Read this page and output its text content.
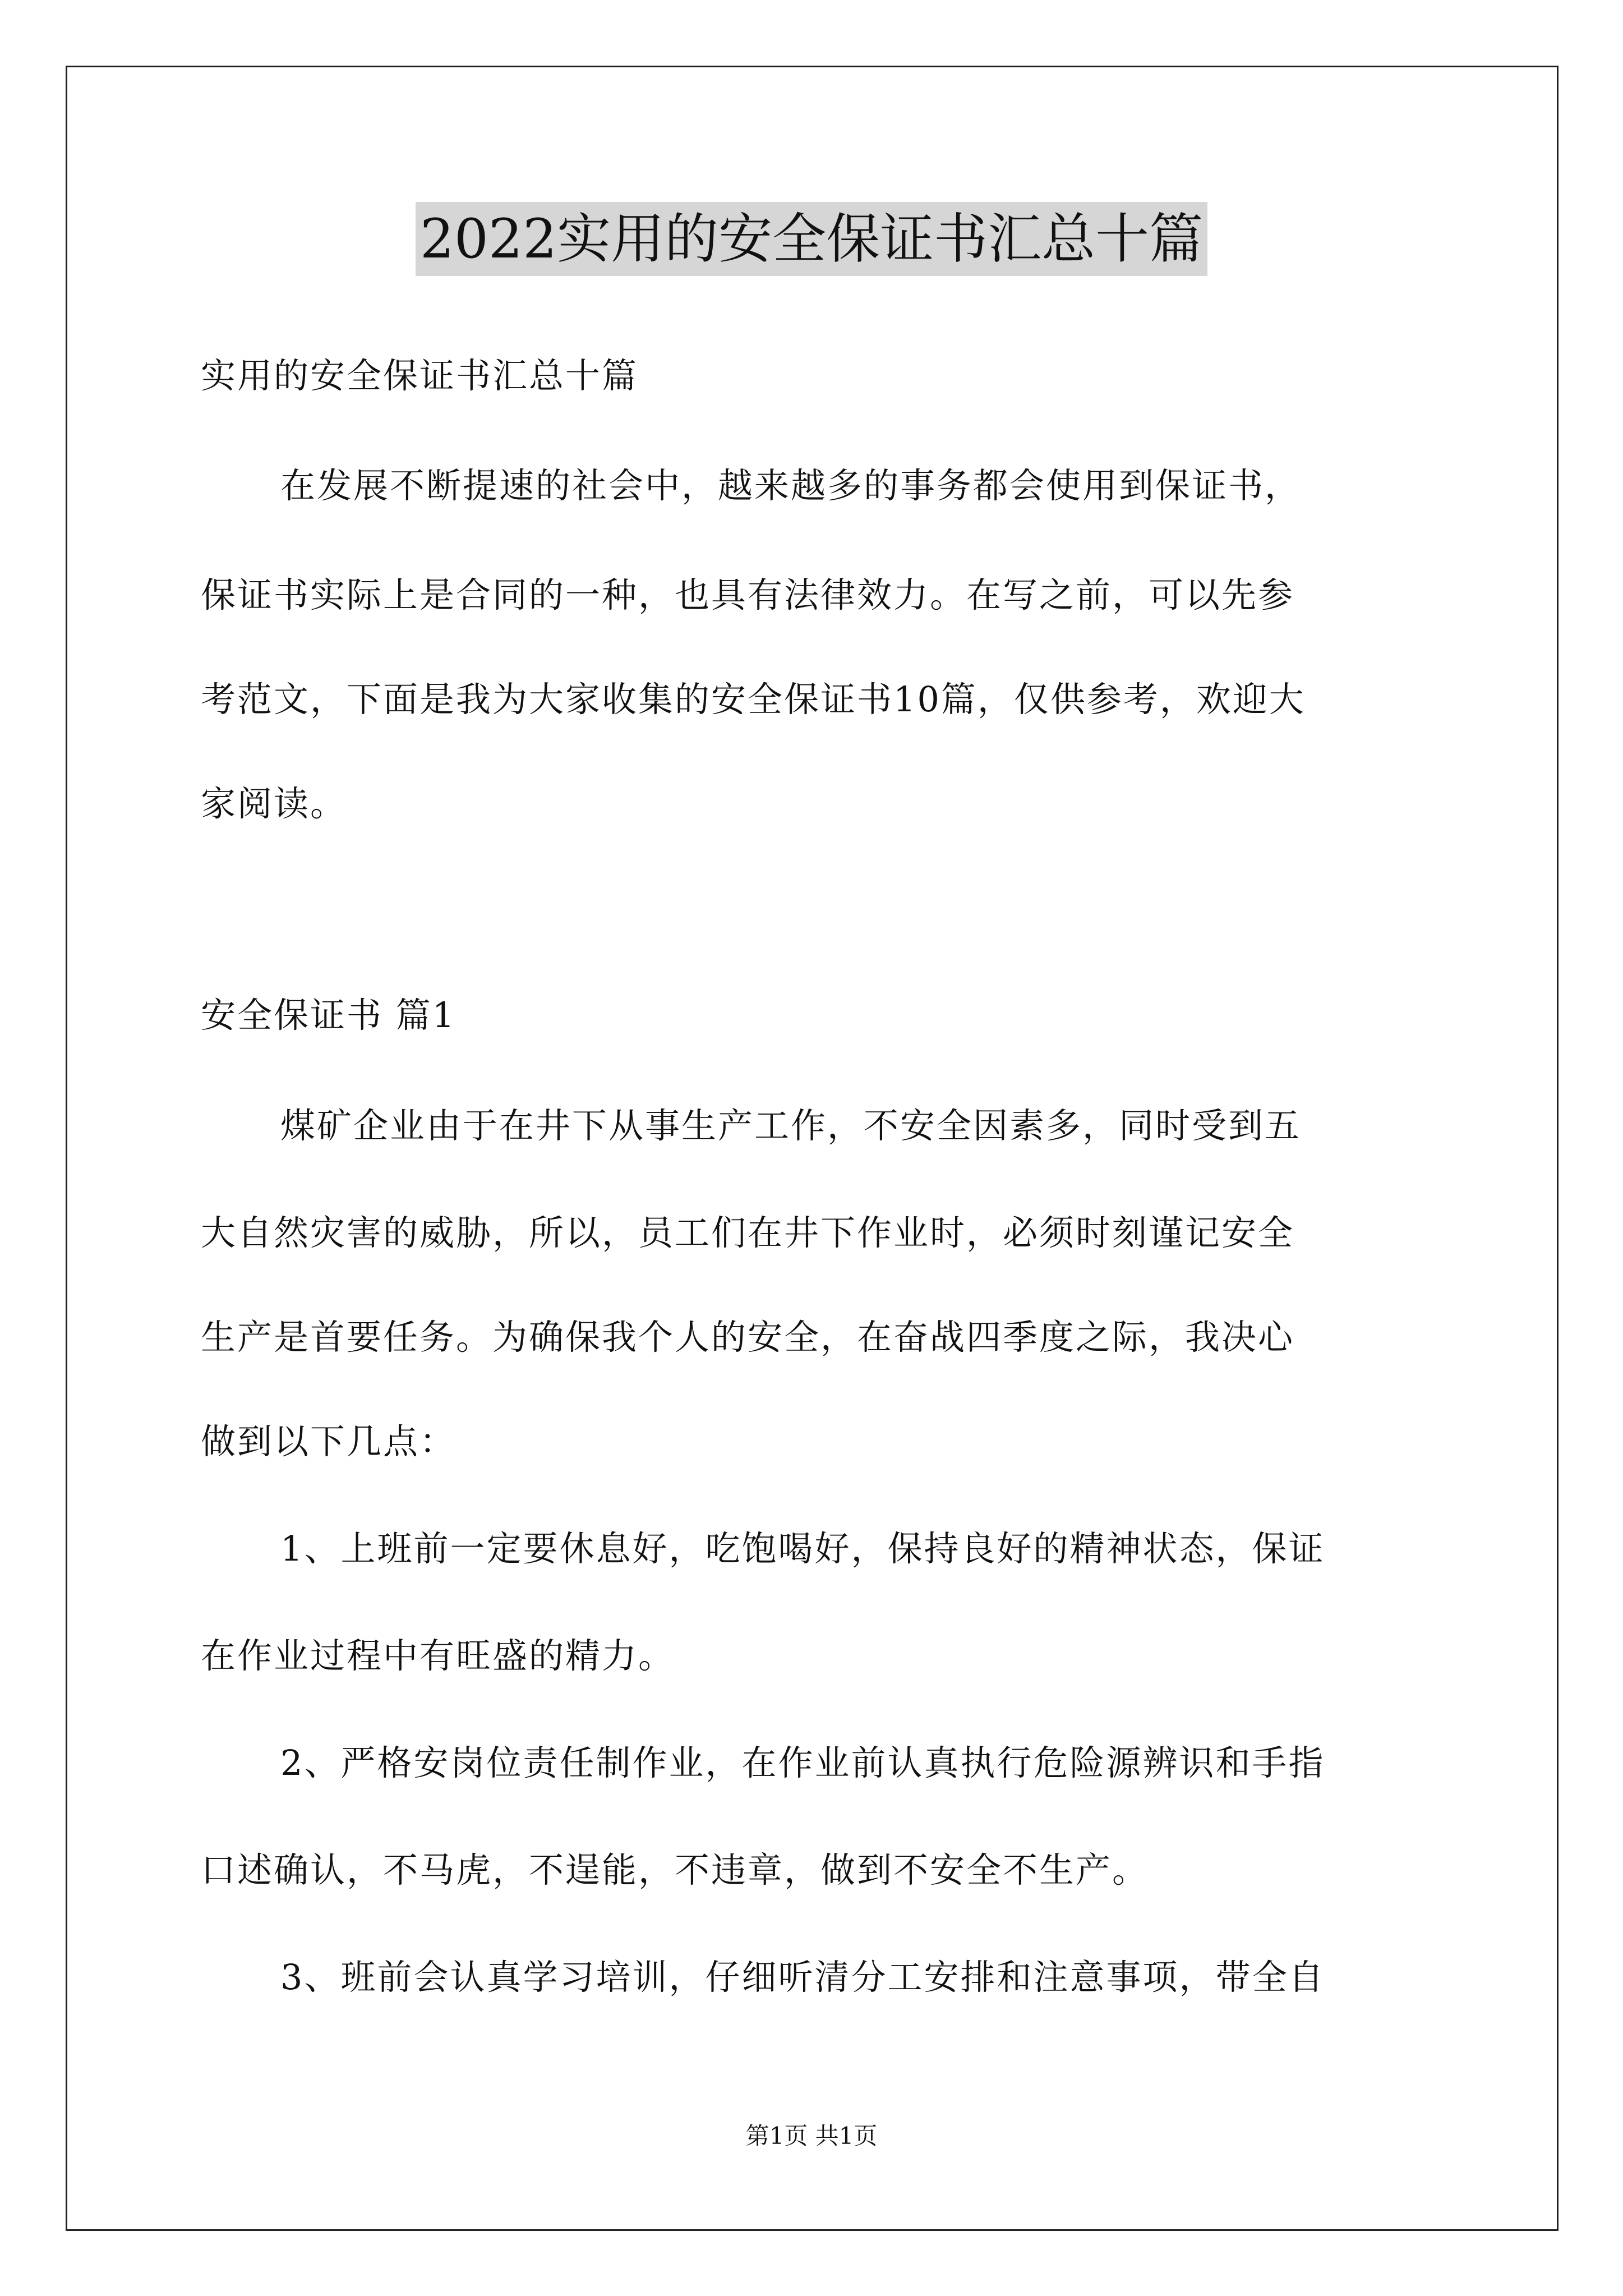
2022实用的安全保证书汇总十篇
实用的安全保证书汇总十篇
在发展不断提速的社会中，越来越多的事务都会使用到保证书，
保证书实际上是合同的一种，也具有法律效力。在写之前，可以先参
考范文，下面是我为大家收集的安全保证书10篇，仅供参考，欢迎大
家阅读。
安全保证书 篇1
煤矿企业由于在井下从事生产工作，不安全因素多，同时受到五
大自然灾害的威胁，所以，员工们在井下作业时，必须时刻谨记安全
生产是首要任务。为确保我个人的安全，在奋战四季度之际，我决心
做到以下几点：
1、上班前一定要休息好，吃饱喝好，保持良好的精神状态，保证
在作业过程中有旺盛的精力。
2、严格安岗位责任制作业，在作业前认真执行危险源辨识和手指
口述确认，不马虎，不逞能，不违章，做到不安全不生产。
3、班前会认真学习培训，仔细听清分工安排和注意事项，带全自
第1页 共1页
